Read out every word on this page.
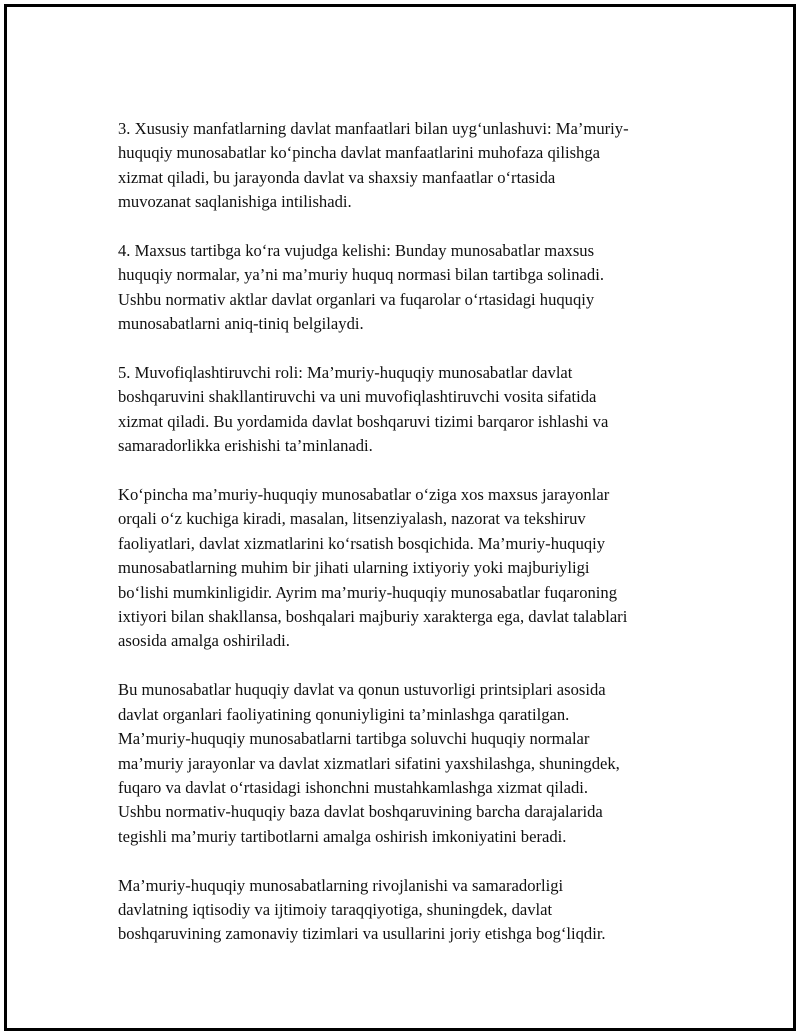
3. Xususiy manfatlarning davlat manfaatlari bilan uyg‘unlashuvi: Ma’muriy-
huquqiy munosabatlar ko‘pincha davlat manfaatlarini muhofaza qilishga
xizmat qiladi, bu jarayonda davlat va shaxsiy manfaatlar o‘rtasida
muvozanat saqlanishiga intilishadi.

4. Maxsus tartibga ko‘ra vujudga kelishi: Bunday munosabatlar maxsus
huquqiy normalar, ya’ni ma’muriy huquq normasi bilan tartibga solinadi.
Ushbu normativ aktlar davlat organlari va fuqarolar o‘rtasidagi huquqiy
munosabatlarni aniq-tiniq belgilaydi.

5. Muvofiqlashtiruvchi roli: Ma’muriy-huquqiy munosabatlar davlat
boshqaruvini shakllantiruvchi va uni muvofiqlashtiruvchi vosita sifatida
xizmat qiladi. Bu yordamida davlat boshqaruvi tizimi barqaror ishlashi va
samaradorlikka erishishi ta’minlanadi.

Ko‘pincha ma’muriy-huquqiy munosabatlar o‘ziga xos maxsus jarayonlar
orqali o‘z kuchiga kiradi, masalan, litsenziyalash, nazorat va tekshiruv
faoliyatlari, davlat xizmatlarini ko‘rsatish bosqichida. Ma’muriy-huquqiy
munosabatlarning muhim bir jihati ularning ixtiyoriy yoki majburiyligi
bo‘lishi mumkinligidir. Ayrim ma’muriy-huquqiy munosabatlar fuqaroning
ixtiyori bilan shakllansa, boshqalari majburiy xarakterga ega, davlat talablari
asosida amalga oshiriladi.

Bu munosabatlar huquqiy davlat va qonun ustuvorligi printsiplari asosida
davlat organlari faoliyatining qonuniyligini ta’minlashga qaratilgan.
Ma’muriy-huquqiy munosabatlarni tartibga soluvchi huquqiy normalar
ma’muriy jarayonlar va davlat xizmatlari sifatini yaxshilashga, shuningdek,
fuqaro va davlat o‘rtasidagi ishonchni mustahkamlashga xizmat qiladi.
Ushbu normativ-huquqiy baza davlat boshqaruvining barcha darajalarida
tegishli ma’muriy tartibotlarni amalga oshirish imkoniyatini beradi.

Ma’muriy-huquqiy munosabatlarning rivojlanishi va samaradorligi
davlatning iqtisodiy va ijtimoiy taraqqiyotiga, shuningdek, davlat
boshqaruvining zamonaviy tizimlari va usullarini joriy etishga bog‘liqdir.
